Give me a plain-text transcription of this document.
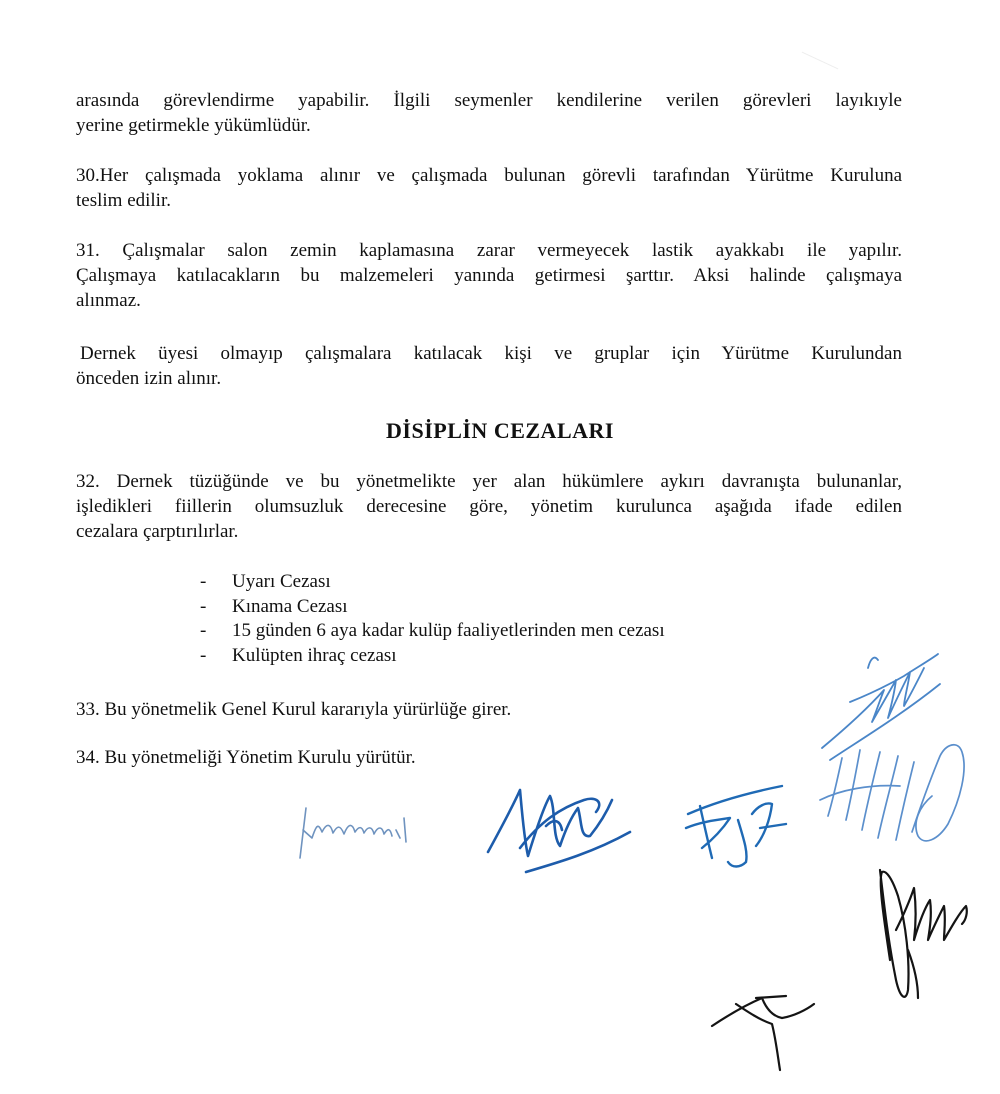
arasında görevlendirme yapabilir. İlgili seymenler kendilerine verilen görevleri layıkıyle
yerine getirmekle yükümlüdür.
30.Her çalışmada yoklama alınır ve çalışmada bulunan görevli tarafından Yürütme Kuruluna
teslim edilir.
31. Çalışmalar salon zemin kaplamasına zarar vermeyecek lastik ayakkabı ile yapılır.
Çalışmaya katılacakların bu malzemeleri yanında getirmesi şarttır. Aksi halinde çalışmaya
alınmaz.
Dernek üyesi olmayıp çalışmalara katılacak kişi ve gruplar için Yürütme Kurulundan
önceden izin alınır.
DİSİPLİN CEZALARI
32. Dernek tüzüğünde ve bu yönetmelikte yer alan hükümlere aykırı davranışta bulunanlar,
işledikleri fiillerin olumsuzluk derecesine göre, yönetim kurulunca aşağıda ifade edilen
cezalara çarptırılırlar.
- Uyarı Cezası
- Kınama Cezası
- 15 günden 6 aya kadar kulüp faaliyetlerinden men cezası
- Kulüpten ihraç cezası
33. Bu yönetmelik Genel Kurul kararıyla yürürlüğe girer.
34. Bu yönetmeliği Yönetim Kurulu yürütür.
